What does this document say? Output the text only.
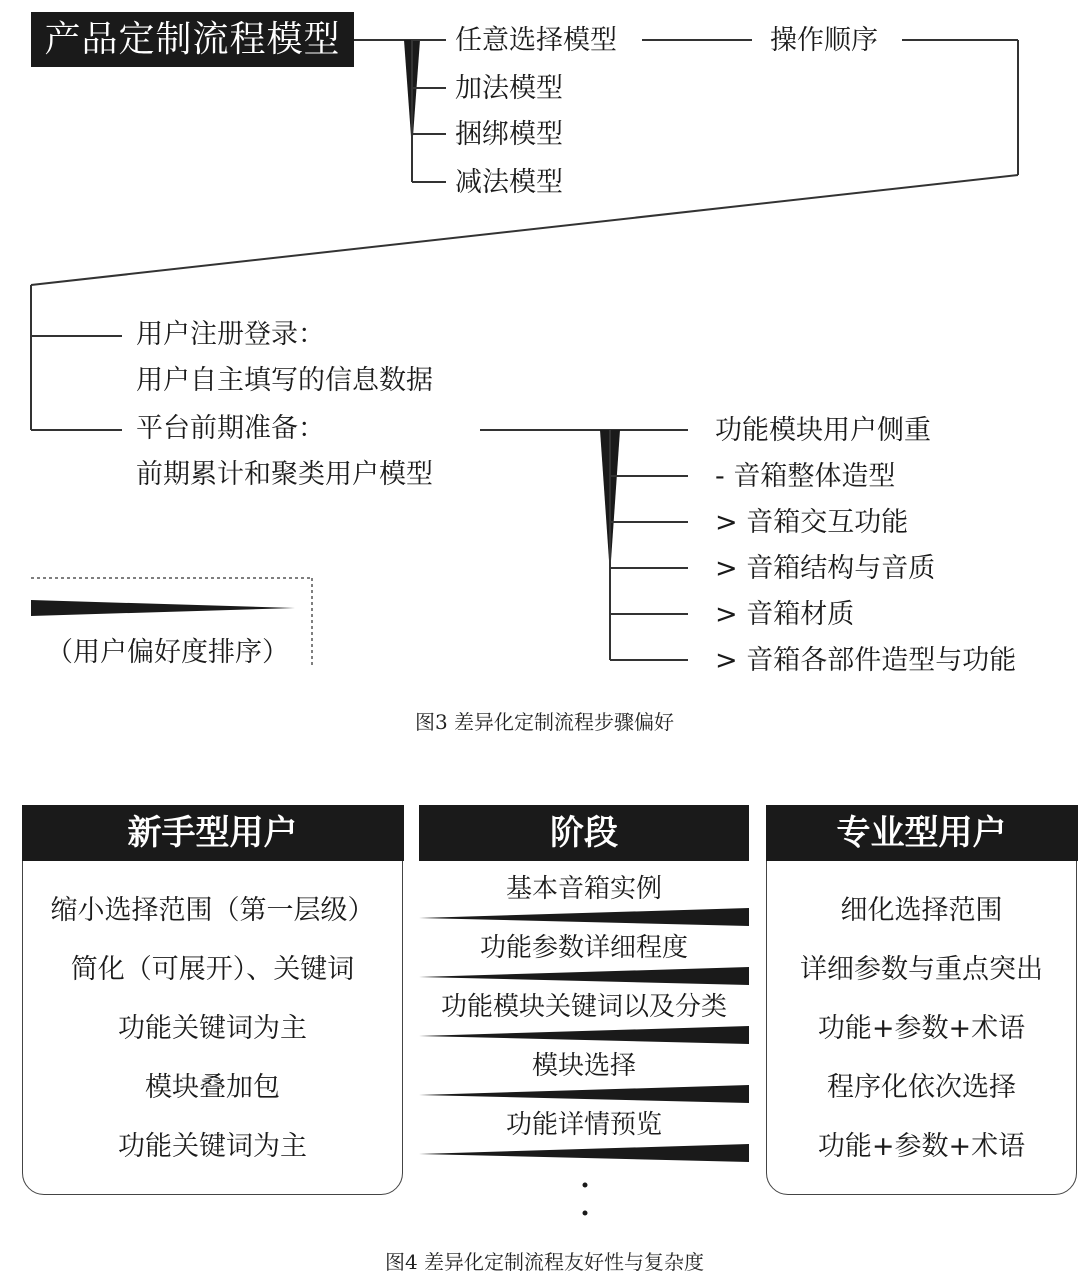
产品定制流程模型	任意选择模型
加法模型
捆绑模型
减法模型
操作顺序
用户注册登录：
用户自主填写的信息数据
平台前期准备：
前期累计和聚类用户模型
功能模块用户侧重
- 音箱整体造型
> 音箱交互功能
> 音箱结构与音质
> 音箱材质
> 音箱各部件造型与功能
（用户偏好度排序）
图3 差异化定制流程步骤偏好
新手型用户
缩小选择范围（第一层级）
简化（可展开）、关键词
功能关键词为主
模块叠加包
功能关键词为主
阶段
基本音箱实例
功能参数详细程度
功能模块关键词以及分类
模块选择
功能详情预览
专业型用户
细化选择范围
详细参数与重点突出
功能+参数+术语
程序化依次选择
功能+参数+术语
图4 差异化定制流程友好性与复杂度
